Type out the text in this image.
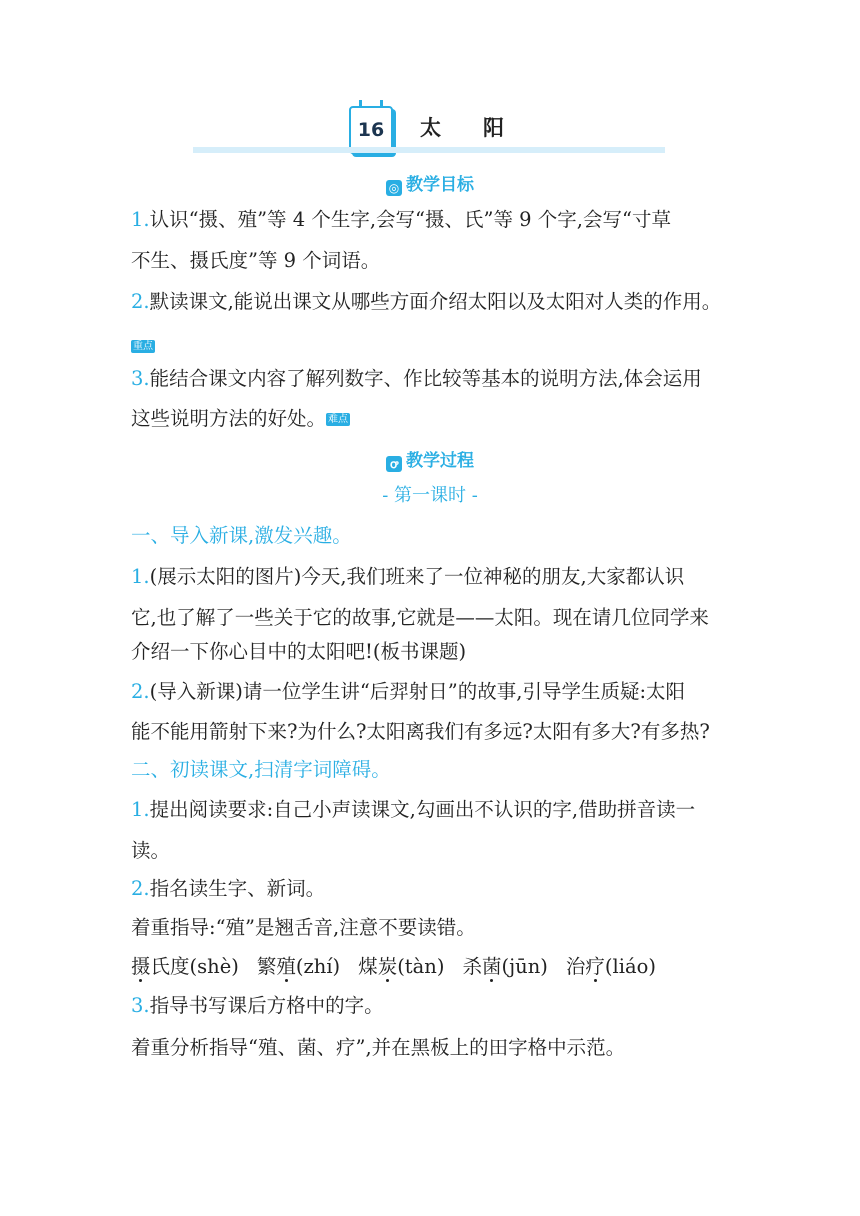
16	太　　阳
◎ 教学目标
1.认识“摄、殖”等 4 个生字,会写“摄、氏”等 9 个字,会写“寸草
不生、摄氏度”等 9 个词语。
2.默读课文,能说出课文从哪些方面介绍太阳以及太阳对人类的作用。
重点
3.能结合课文内容了解列数字、作比较等基本的说明方法,体会运用
这些说明方法的好处。 难点
ꝍ 教学过程
- 第一课时 -
一、导入新课,激发兴趣。
1.(展示太阳的图片)今天,我们班来了一位神秘的朋友,大家都认识
它,也了解了一些关于它的故事,它就是——太阳。现在请几位同学来
介绍一下你心目中的太阳吧!(板书课题)
2.(导入新课)请一位学生讲“后羿射日”的故事,引导学生质疑:太阳
能不能用箭射下来?为什么?太阳离我们有多远?太阳有多大?有多热?
二、初读课文,扫清字词障碍。
1.提出阅读要求:自己小声读课文,勾画出不认识的字,借助拼音读一
读。
2.指名读生字、新词。
着重指导:“殖”是翘舌音,注意不要读错。
摄氏度(shè) 繁殖(zhí) 煤炭(tàn) 杀菌(jūn) 治疗(liáo)
3.指导书写课后方格中的字。
着重分析指导“殖、菌、疗”,并在黑板上的田字格中示范。
